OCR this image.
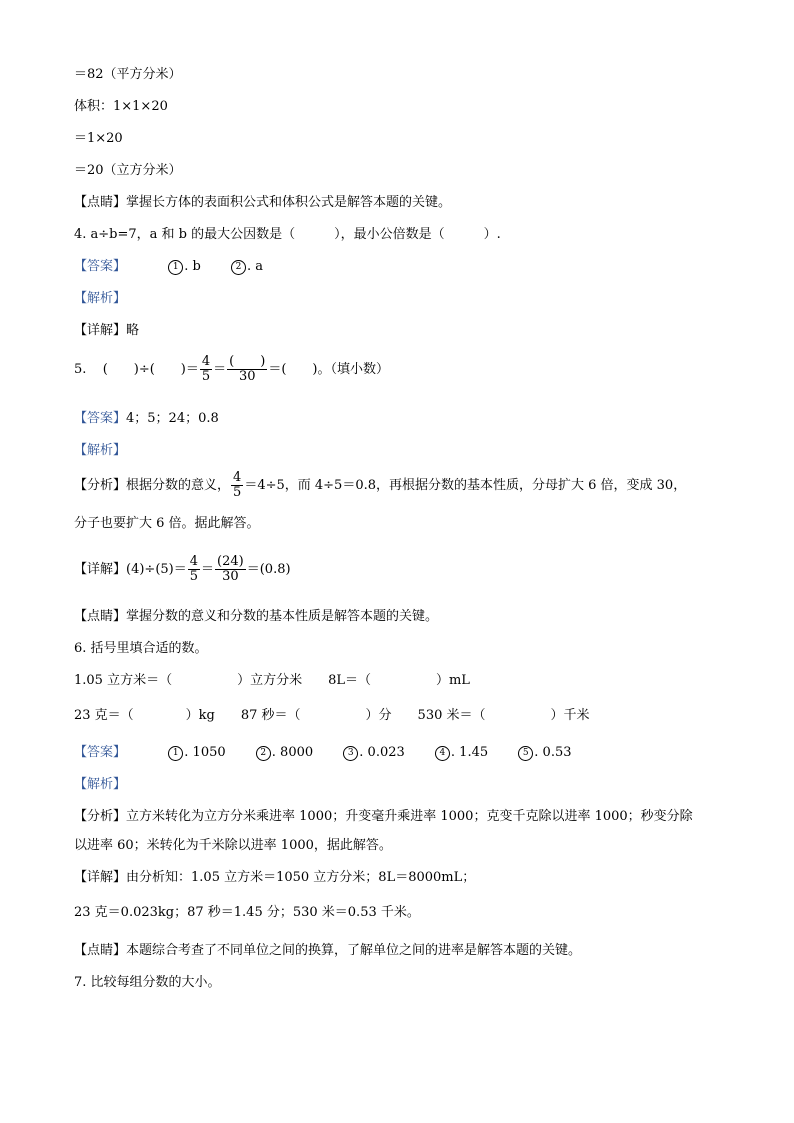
＝82（平方分米）
体积：1×1×20
＝1×20
＝20（立方分米）
【点睛】掌握长方体的表面积公式和体积公式是解答本题的关键。
4. a÷b=7，a 和 b 的最大公因数是（　　　），最小公倍数是（　　　）.
【答案】	1 . b	2 . a
【解析】
【详解】略
5. (　　)÷(　　)＝ $\frac{4}{5} = \frac{( )}{30}$ ＝(　　)。（填小数）
【答案】4；5；24；0.8
【解析】
【分析】根据分数的意义， $\frac{4}{5} =4\div 5$，而 4÷5＝0.8，再根据分数的基本性质，分母扩大 6 倍，变成 30，
分子也要扩大 6 倍。据此解答。
【详解】$(4)\div(5)= \frac{4}{5} = \frac{(24)}{30} =(0.8)$
【点睛】掌握分数的意义和分数的基本性质是解答本题的关键。
6. 括号里填合适的数。
1.05 立方米＝（　　　　　）立方分米　　8L＝（　　　　　）mL
23 克＝（　　　　）kg　　87 秒＝（　　　　　）分　　530 米＝（　　　　　）千米
【答案】	1 . 1050	2 . 8000	3 . 0.023	4 . 1.45	5 . 0.53
【解析】
【分析】立方米转化为立方分米乘进率 1000；升变毫升乘进率 1000；克变千克除以进率 1000；秒变分除
以进率 60；米转化为千米除以进率 1000，据此解答。
【详解】由分析知：1.05 立方米＝1050 立方分米；8L＝8000mL；
23 克＝0.023kg；87 秒＝1.45 分；530 米＝0.53 千米。
【点睛】本题综合考查了不同单位之间的换算，了解单位之间的进率是解答本题的关键。
7. 比较每组分数的大小。
